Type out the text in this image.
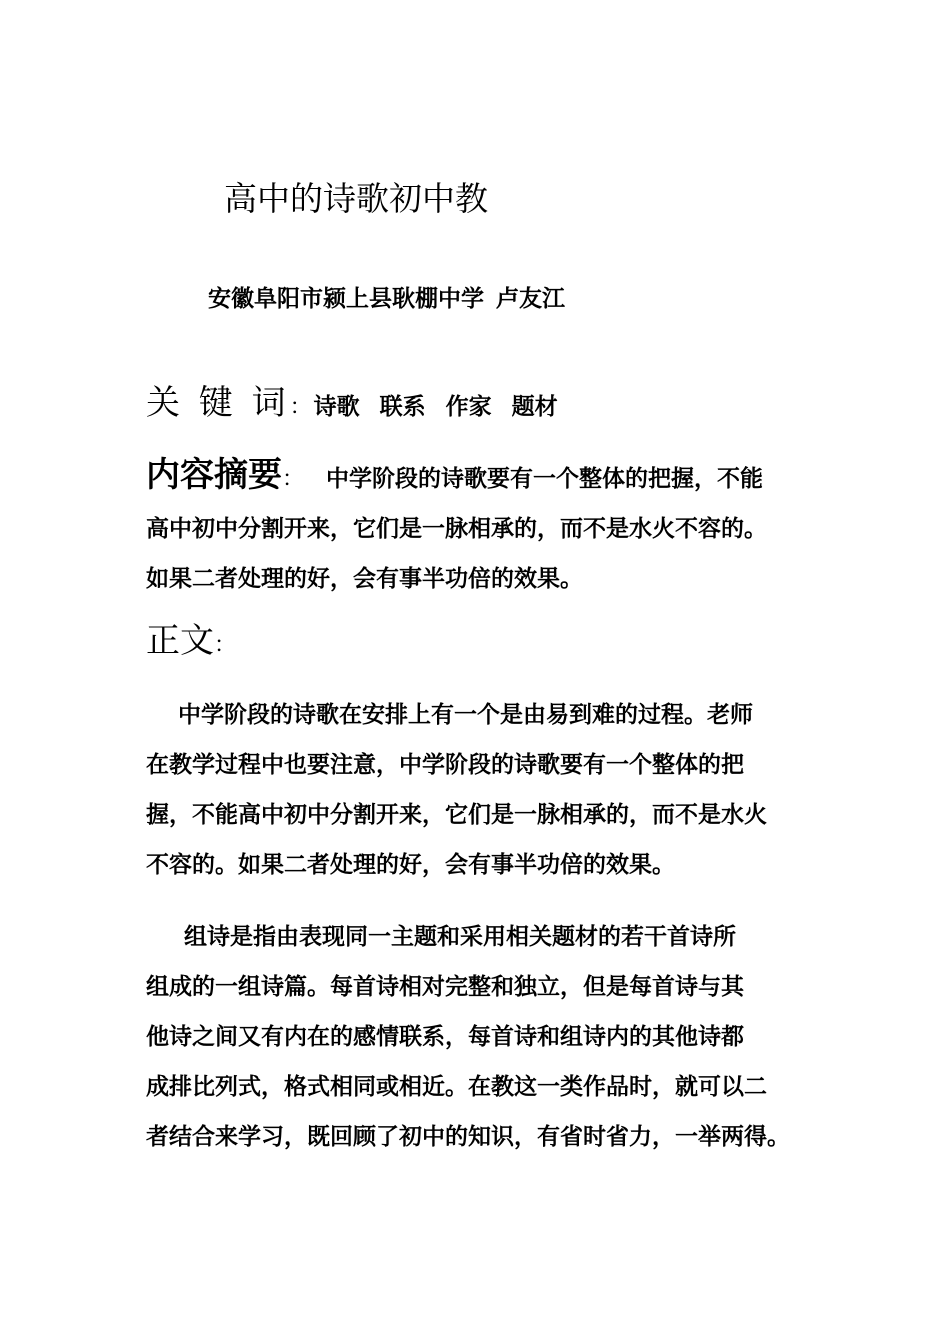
高中的诗歌初中教
安徽阜阳市颍上县耿棚中学 卢友江
关 键 词：诗歌 联系 作家 题材
内容摘要： 中学阶段的诗歌要有一个整体的把握，不能
高中初中分割开来，它们是一脉相承的，而不是水火不容的。
如果二者处理的好，会有事半功倍的效果。
正文：
中学阶段的诗歌在安排上有一个是由易到难的过程。老师
在教学过程中也要注意，中学阶段的诗歌要有一个整体的把
握，不能高中初中分割开来，它们是一脉相承的，而不是水火
不容的。如果二者处理的好，会有事半功倍的效果。
组诗是指由表现同一主题和采用相关题材的若干首诗所
组成的一组诗篇。每首诗相对完整和独立，但是每首诗与其
他诗之间又有内在的感情联系，每首诗和组诗内的其他诗都
成排比列式，格式相同或相近。在教这一类作品时，就可以二
者结合来学习，既回顾了初中的知识，有省时省力，一举两得。
